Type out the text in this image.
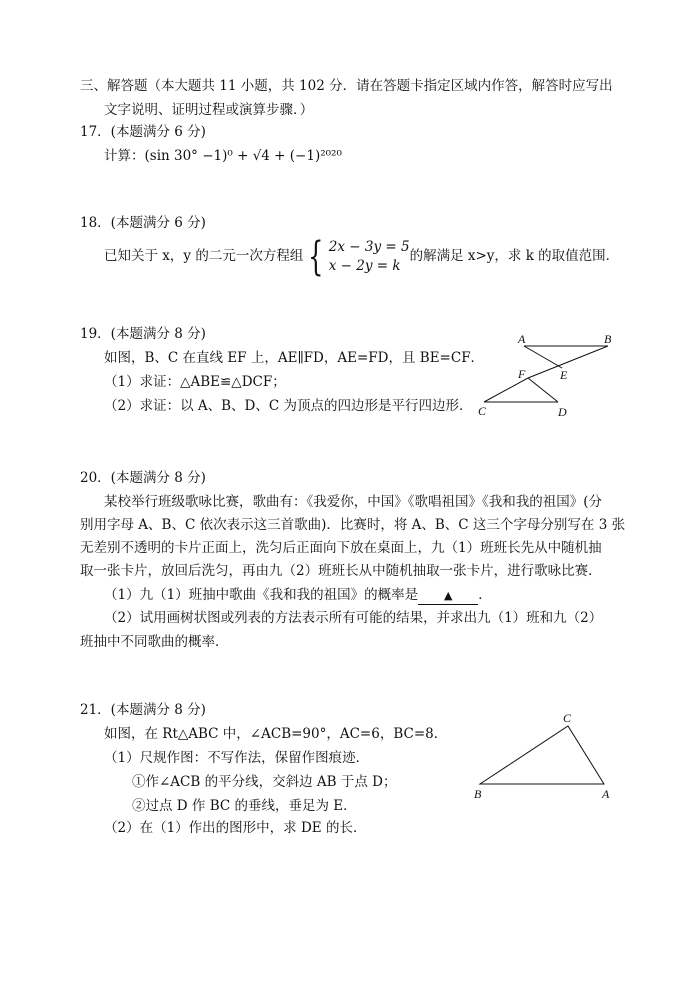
三、解答题（本大题共 11 小题，共 102 分．请在答题卡指定区域内作答，解答时应写出
文字说明、证明过程或演算步骤．）
17．(本题满分 6 分)
计算：(sin 30° −1)⁰ + √4 + (−1)²⁰²⁰
18．(本题满分 6 分)
已知关于 x，y 的二元一次方程组 { 2x − 3y = 5
x − 2y = k
的解满足 x>y，求 k 的取值范围．
19．(本题满分 8 分)
如图，B、C 在直线 EF 上，AE∥FD，AE=FD，且 BE=CF．
（1）求证：△ABE≌△DCF；
（2）求证：以 A、B、D、C 为顶点的四边形是平行四边形．
A	B
E
F
C	D
20．(本题满分 8 分)
某校举行班级歌咏比赛，歌曲有：《我爱你，中国》《歌唱祖国》《我和我的祖国》(分
别用字母 A、B、C 依次表示这三首歌曲)．比赛时，将 A、B、C 这三个字母分别写在 3 张
无差别不透明的卡片正面上，洗匀后正面向下放在桌面上，九（1）班班长先从中随机抽
取一张卡片，放回后洗匀，再由九（2）班班长从中随机抽取一张卡片，进行歌咏比赛．
（1）九（1）班抽中歌曲《我和我的祖国》的概率是 ▲ ．
（2）试用画树状图或列表的方法表示所有可能的结果，并求出九（1）班和九（2）
班抽中不同歌曲的概率．
21．(本题满分 8 分)
如图，在 Rt△ABC 中，∠ACB=90°，AC=6，BC=8．
（1）尺规作图：不写作法，保留作图痕迹．
①作∠ACB 的平分线，交斜边 AB 于点 D；
②过点 D 作 BC 的垂线，垂足为 E．
（2）在（1）作出的图形中，求 DE 的长．
C
B	A
